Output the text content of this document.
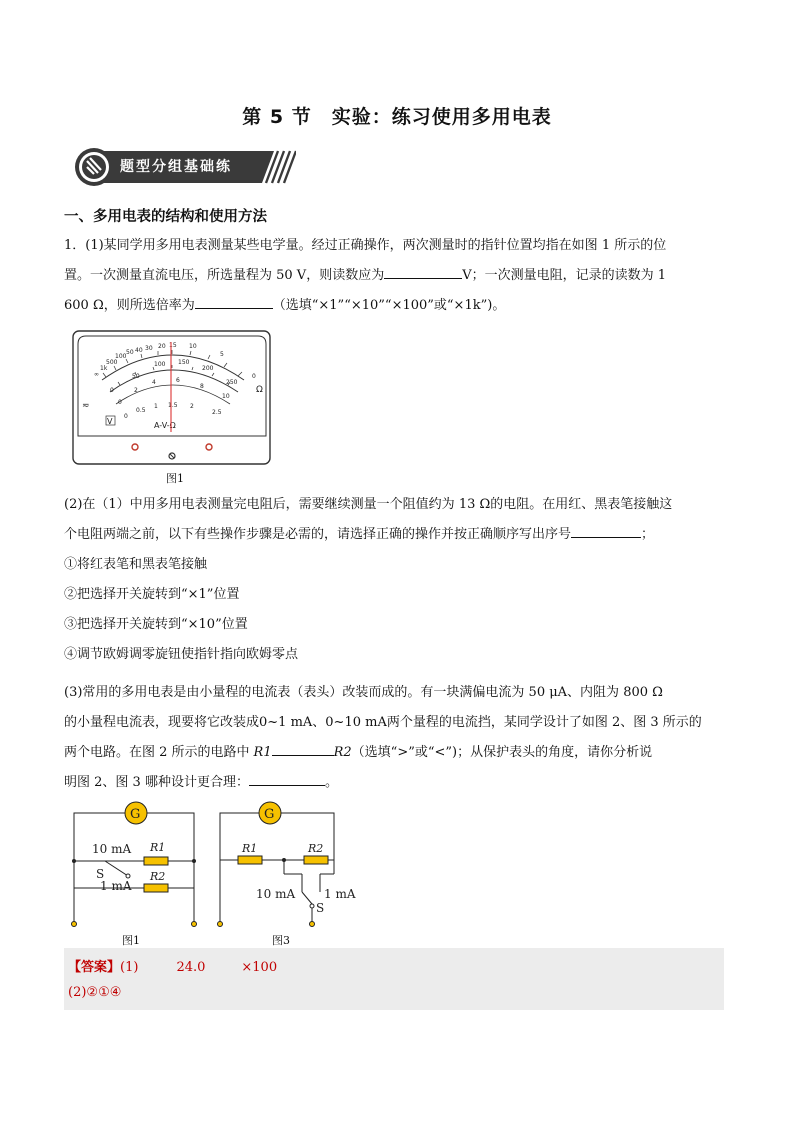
第 5 节　实验：练习使用多用电表
题型分组基础练
一、多用电表的结构和使用方法
1．(1)某同学用多用电表测量某些电学量。经过正确操作，两次测量时的指针位置均指在如图 1 所示的位
置。一次测量直流电压，所选量程为 50 V，则读数应为	V；一次测量电阻，记录的读数为 1
600 Ω，则所选倍率为	（选填“×1”“×10”“×100”或“×1k”)。
∞
1k
500
100
50 40 30 20 15 10
5
0
0
50
100 150
200
250
0
2
4	6
8
10
0
0.5
1 1.5 2
2.5
Ω
≂
V	A-V-Ω
图1
(2)在（1）中用多用电表测量完电阻后，需要继续测量一个阻值约为 13 Ω的电阻。在用红、黑表笔接触这
个电阻两端之前，以下有些操作步骤是必需的，请选择正确的操作并按正确顺序写出序号	；
①将红表笔和黑表笔接触
②把选择开关旋转到“×1”位置
③把选择开关旋转到“×10”位置
④调节欧姆调零旋钮使指针指向欧姆零点
(3)常用的多用电表是由小量程的电流表（表头）改装而成的。有一块满偏电流为 50 μA、内阻为 800 Ω
的小量程电流表，现要将它改装成0~1 mA、0~10 mA两个量程的电流挡，某同学设计了如图 2、图 3 所示的
两个电路。在图 2 所示的电路中 R1	R2（选填“>”或“<”)；从保护表头的角度，请你分析说
明图 2、图 3 哪种设计更合理：	。
G
10 mA
1 mA
S
R1
R2
图1
G
R1	R2
10 mA 1 mA
S
图3
【答案】(1)	24.0	×100
(2)②①④
